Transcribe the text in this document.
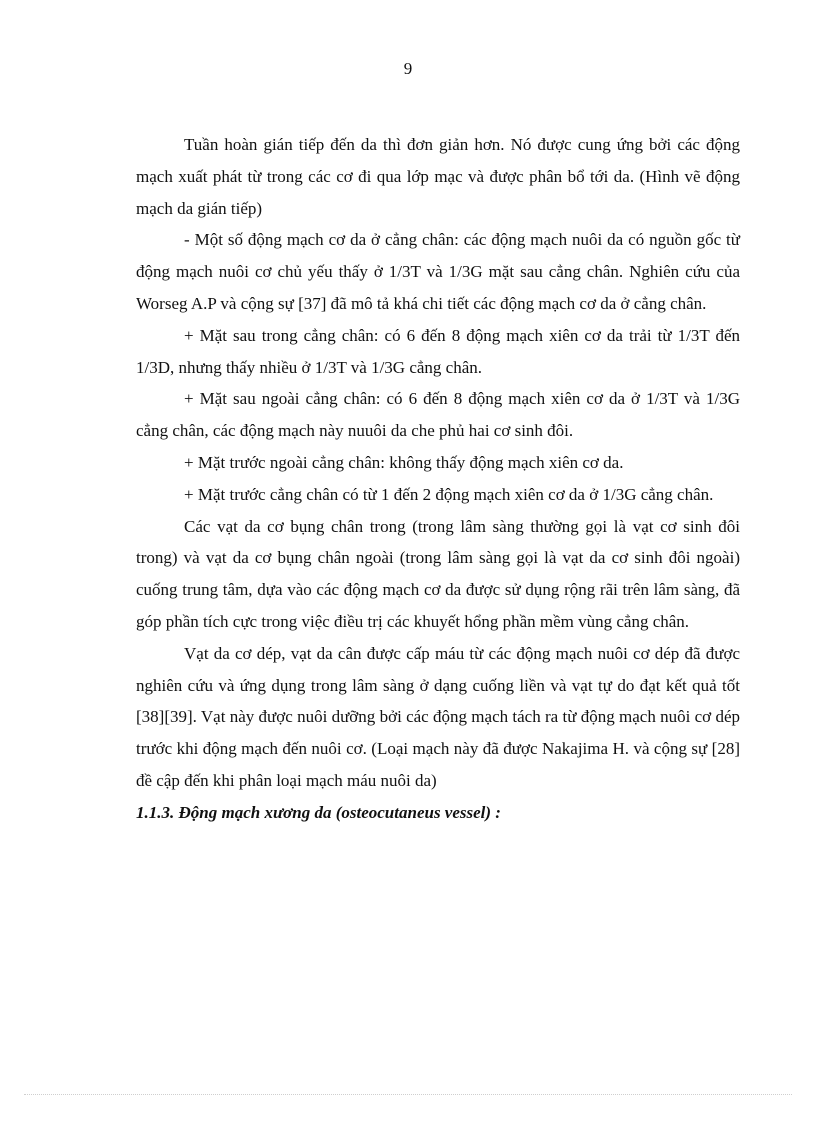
9

Tuần hoàn gián tiếp đến da thì đơn giản hơn. Nó được cung ứng bởi các động mạch xuất phát từ trong các cơ đi qua lớp mạc và được phân bổ tới da. (Hình vẽ động mạch da gián tiếp)

- Một số động mạch cơ da ở cẳng chân: các động mạch nuôi da có nguồn gốc từ động mạch nuôi cơ chủ yếu thấy ở 1/3T và 1/3G mặt sau cẳng chân. Nghiên cứu của Worseg A.P và cộng sự [37] đã mô tả khá chi tiết các động mạch cơ da ở cẳng chân.

+ Mặt sau trong cẳng chân: có 6 đến 8 động mạch xiên cơ da trải từ 1/3T đến 1/3D, nhưng thấy nhiều ở 1/3T và 1/3G cẳng chân.

+ Mặt sau ngoài cẳng chân: có 6 đến 8 động mạch xiên cơ da ở 1/3T và 1/3G cẳng chân, các động mạch này nuuôi da che phủ hai cơ sinh đôi.

+ Mặt trước ngoài cẳng chân: không thấy động mạch xiên cơ da.

+ Mặt trước cẳng chân có từ 1 đến 2 động mạch xiên cơ da ở 1/3G cẳng chân.

Các vạt da cơ bụng chân trong (trong lâm sàng thường gọi là vạt cơ sinh đôi trong) và vạt da cơ bụng chân ngoài (trong lâm sàng gọi là vạt da cơ sinh đôi ngoài) cuống trung tâm, dựa vào các động mạch cơ da được sử dụng rộng rãi trên lâm sàng, đã góp phần tích cực trong việc điều trị các khuyết hổng phần mềm vùng cẳng chân.

Vạt da cơ dép, vạt da cân được cấp máu từ các động mạch nuôi cơ dép đã được nghiên cứu và ứng dụng trong lâm sàng ở dạng cuống liền và vạt tự do đạt kết quả tốt [38][39]. Vạt này được nuôi dưỡng bởi các động mạch tách ra từ động mạch nuôi cơ dép trước khi động mạch đến nuôi cơ. (Loại mạch này đã được Nakajima H. và cộng sự [28] đề cập đến khi phân loại mạch máu nuôi da)

1.1.3. Động mạch xương da (osteocutaneus vessel) :
